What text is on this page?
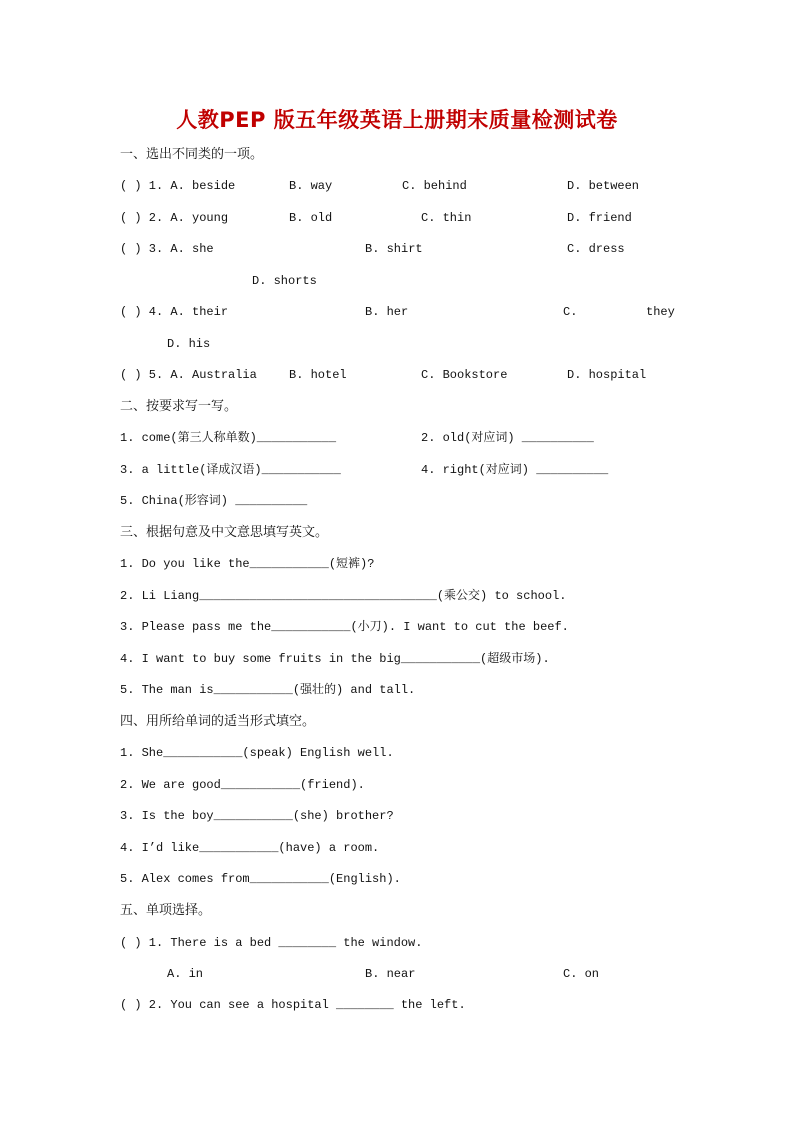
人教PEP 版五年级英语上册期末质量检测试卷
一、选出不同类的一项。
( ) 1. A. beside	B. way	C. behind	D. between
( ) 2. A. young	B. old	C. thin	D. friend
( ) 3. A. she	B. shirt	C. dress
D. shorts
( ) 4. A. their	B. her	C.	they
D. his
( ) 5. A. Australia	B. hotel	C. Bookstore	D. hospital
二、按要求写一写。
1. come(第三人称单数)___________	2. old(对应词) __________
3. a little(译成汉语)___________	4. right(对应词) __________
5. China(形容词) __________
三、根据句意及中文意思填写英文。
1. Do you like the___________(短裤)?
2. Li Liang_________________________________(乘公交) to school.
3. Please pass me the___________(小刀). I want to cut the beef.
4. I want to buy some fruits in the big___________(超级市场).
5. The man is___________(强壮的) and tall.
四、用所给单词的适当形式填空。
1. She___________(speak) English well.
2. We are good___________(friend).
3. Is the boy___________(she) brother?
4. I’d like___________(have) a room.
5. Alex comes from___________(English).
五、单项选择。
( ) 1. There is a bed ________ the window.
A. in	B. near	C. on
( ) 2. You can see a hospital ________ the left.
